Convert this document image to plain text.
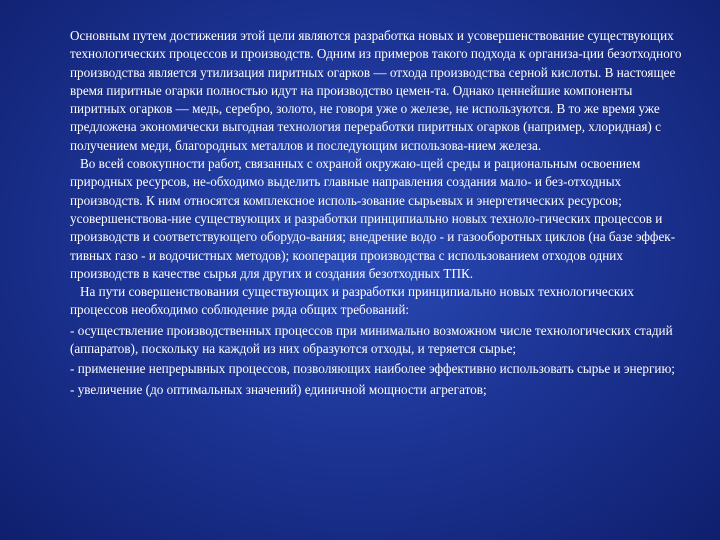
Основным путем достижения этой цели являются разработка новых и усовершенствование существующих технологических процессов и производств. Одним из примеров такого подхода к организа-ции безотходного производства является утилизация пиритных огарков — отхода производства серной кислоты. В настоящее время пиритные огарки полностью идут на производство цемен-та. Однако ценнейшие компоненты пиритных огарков — медь, серебро, золото, не говоря уже о железе, не используются. В то же время уже предложена экономически выгодная технология переработки пиритных огарков (например, хлоридная) с получением меди, благородных металлов и последующим использова-нием железа.

Во всей совокупности работ, связанных с охраной окружаю-щей среды и рациональным освоением природных ресурсов, не-обходимо выделить главные направления создания мало- и без-отходных производств. К ним относятся комплексное исполь-зование сырьевых и энергетических ресурсов; усовершенствова-ние существующих и разработки принципиально новых техноло-гических процессов и производств и соответствующего оборудо-вания; внедрение водо - и газооборотных циклов (на базе эффек-тивных газо - и водочистных методов); кооперация производства с использованием отходов одних производств в качестве сырья для других и создания безотходных ТПК.

На пути совершенствования существующих и разработки принципиально новых технологических процессов необходимо соблюдение ряда общих требований:

- осуществление производственных процессов при минимально возможном числе технологических стадий (аппаратов), поскольку на каждой из них образуются отходы, и теряется сырье;

- применение непрерывных процессов, позволяющих наиболее эффективно использовать сырье и энергию;

- увеличение (до оптимальных значений) единичной мощности агрегатов;
